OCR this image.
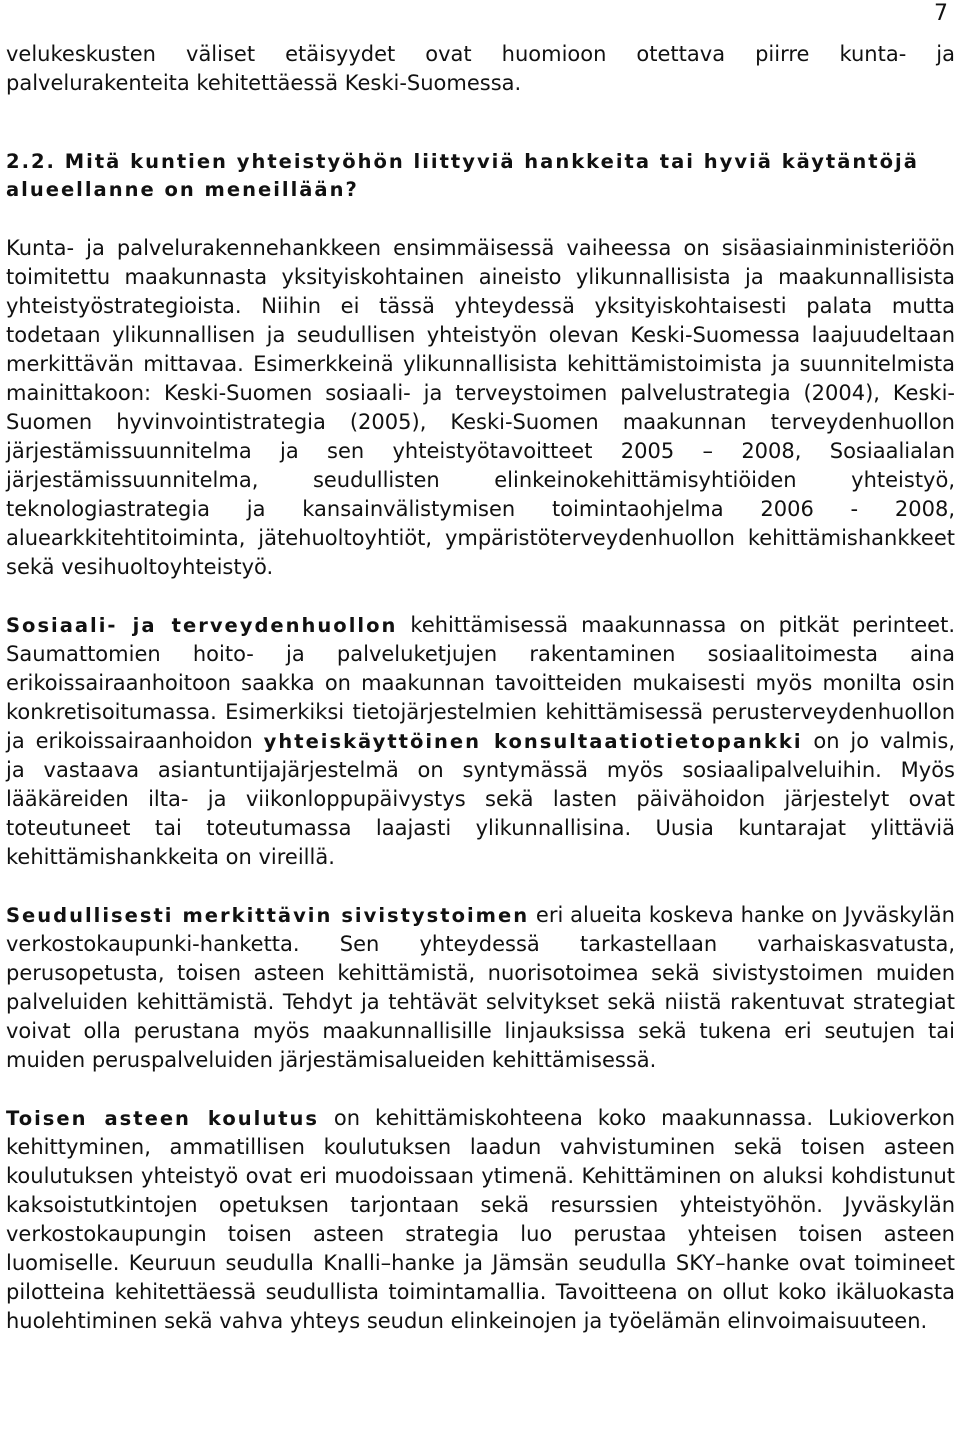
7

velukeskusten väliset etäisyydet ovat huomioon otettava piirre kunta- ja palvelurakenteita kehitettäessä Keski-Suomessa.

2.2. Mitä kuntien yhteistyöhön liittyviä hankkeita tai hyviä käytäntöjä alueellanne on meneillään?

Kunta- ja palvelurakennehankkeen ensimmäisessä vaiheessa on sisäasiainministeriöön toimitettu maakunnasta yksityiskohtainen aineisto ylikunnallisista ja maakunnallisista yhteistyöstrategioista. Niihin ei tässä yhteydessä yksityiskohtaisesti palata mutta todetaan ylikunnallisen ja seudullisen yhteistyön olevan Keski-Suomessa laajuudeltaan merkittävän mittavaa. Esimerkkeinä ylikunnallisista kehittämistoimista ja suunnitelmista mainittakoon: Keski-Suomen sosiaali- ja terveystoimen palvelustrategia (2004), Keski-Suomen hyvinvointistrategia (2005), Keski-Suomen maakunnan terveydenhuollon järjestämissuunnitelma ja sen yhteistyötavoitteet 2005 – 2008, Sosiaalialan järjestämissuunnitelma, seudullisten elinkeinokehittämisyhtiöiden yhteistyö, teknologiastrategia ja kansainvälistymisen toimintaohjelma 2006 - 2008, aluearkkitehtitoiminta, jätehuoltoyhtiöt, ympäristöterveydenhuollon kehittämishankkeet sekä vesihuoltoyhteistyö.

Sosiaali- ja terveydenhuollon kehittämisessä maakunnassa on pitkät perinteet. Saumattomien hoito- ja palveluketjujen rakentaminen sosiaalitoimesta aina erikoissairaanhoitoon saakka on maakunnan tavoitteiden mukaisesti myös monilta osin konkretisoitumassa. Esimerkiksi tietojärjestelmien kehittämisessä perusterveydenhuollon ja erikoissairaanhoidon yhteiskäyttöinen konsultaatiotietopankki on jo valmis, ja vastaava asiantuntijajärjestelmä on syntymässä myös sosiaalipalveluihin. Myös lääkäreiden ilta- ja viikonloppupäivystys sekä lasten päivähoidon järjestelyt ovat toteutuneet tai toteutumassa laajasti ylikunnallisina. Uusia kuntarajat ylittäviä kehittämishankkeita on vireillä.

Seudullisesti merkittävin sivistystoimen eri alueita koskeva hanke on Jyväskylän verkostokaupunki-hanketta. Sen yhteydessä tarkastellaan varhaiskasvatusta, perusopetusta, toisen asteen kehittämistä, nuorisotoimea sekä sivistystoimen muiden palveluiden kehittämistä. Tehdyt ja tehtävät selvitykset sekä niistä rakentuvat strategiat voivat olla perustana myös maakunnallisille linjauksissa sekä tukena eri seutujen tai muiden peruspalveluiden järjestämisalueiden kehittämisessä.

Toisen asteen koulutus on kehittämiskohteena koko maakunnassa. Lukioverkon kehittyminen, ammatillisen koulutuksen laadun vahvistuminen sekä toisen asteen koulutuksen yhteistyö ovat eri muodoissaan ytimenä. Kehittäminen on aluksi kohdistunut kaksoistutkintojen opetuksen tarjontaan sekä resurssien yhteistyöhön. Jyväskylän verkostokaupungin toisen asteen strategia luo perustaa yhteisen toisen asteen luomiselle. Keuruun seudulla Knalli–hanke ja Jämsän seudulla SKY–hanke ovat toimineet pilotteina kehitettäessä seudullista toimintamallia. Tavoitteena on ollut koko ikäluokasta huolehtiminen sekä vahva yhteys seudun elinkeinojen ja työelämän elinvoimaisuuteen.
